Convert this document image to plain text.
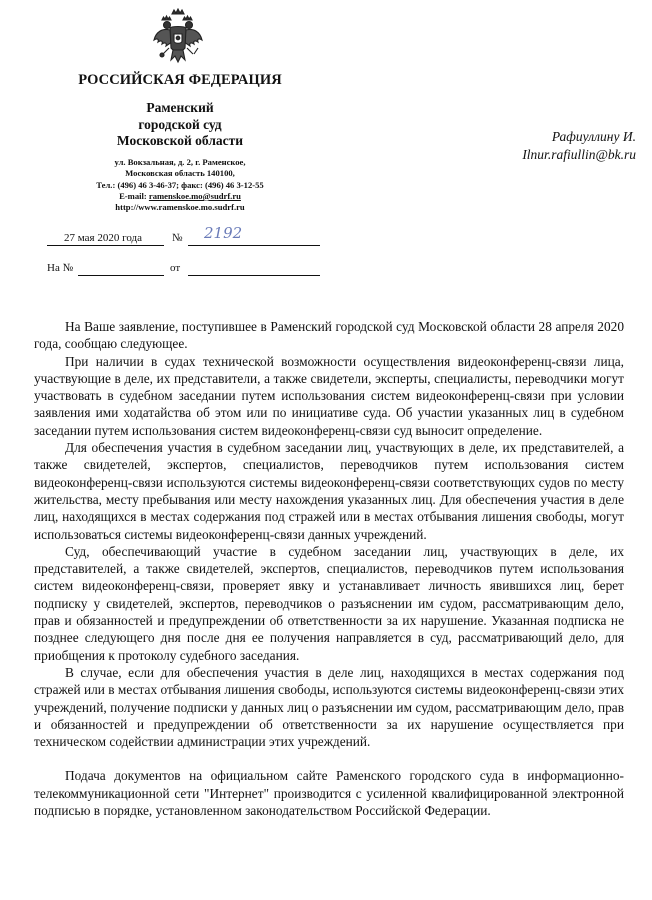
РОССИЙСКАЯ ФЕДЕРАЦИЯ
Раменский
городской суд
Московской области
ул. Вокзальная, д. 2, г. Раменское,
Московская область 140100,
Тел.: (496) 46 3-46-37; факс: (496) 46 3-12-55
E-mail: ramenskoe.mo@sudrf.ru
http://www.ramenskoe.mo.sudrf.ru
Рафиуллину И.
Ilnur.rafiullin@bk.ru
27 мая 2020 года	№ 2192
На №	от

На Ваше заявление, поступившее в Раменский городской суд Московской области 28 апреля 2020 года, сообщаю следующее.

При наличии в судах технической возможности осуществления видеоконференц-связи лица, участвующие в деле, их представители, а также свидетели, эксперты, специалисты, переводчики могут участвовать в судебном заседании путем использования систем видеоконференц-связи при условии заявления ими ходатайства об этом или по инициативе суда. Об участии указанных лиц в судебном заседании путем использования систем видеоконференц-связи суд выносит определение.

Для обеспечения участия в судебном заседании лиц, участвующих в деле, их представителей, а также свидетелей, экспертов, специалистов, переводчиков путем использования систем видеоконференц-связи используются системы видеоконференц-связи соответствующих судов по месту жительства, месту пребывания или месту нахождения указанных лиц. Для обеспечения участия в деле лиц, находящихся в местах содержания под стражей или в местах отбывания лишения свободы, могут использоваться системы видеоконференц-связи данных учреждений.

Суд, обеспечивающий участие в судебном заседании лиц, участвующих в деле, их представителей, а также свидетелей, экспертов, специалистов, переводчиков путем использования систем видеоконференц-связи, проверяет явку и устанавливает личность явившихся лиц, берет подписку у свидетелей, экспертов, переводчиков о разъяснении им судом, рассматривающим дело, прав и обязанностей и предупреждении об ответственности за их нарушение. Указанная подписка не позднее следующего дня после дня ее получения направляется в суд, рассматривающий дело, для приобщения к протоколу судебного заседания.

В случае, если для обеспечения участия в деле лиц, находящихся в местах содержания под стражей или в местах отбывания лишения свободы, используются системы видеоконференц-связи этих учреждений, получение подписки у данных лиц о разъяснении им судом, рассматривающим дело, прав и обязанностей и предупреждении об ответственности за их нарушение осуществляется при техническом содействии администрации этих учреждений.

Подача документов на официальном сайте Раменского городского суда в информационно-телекоммуникационной сети "Интернет" производится с усиленной квалифицированной электронной подписью в порядке, установленном законодательством Российской Федерации.
